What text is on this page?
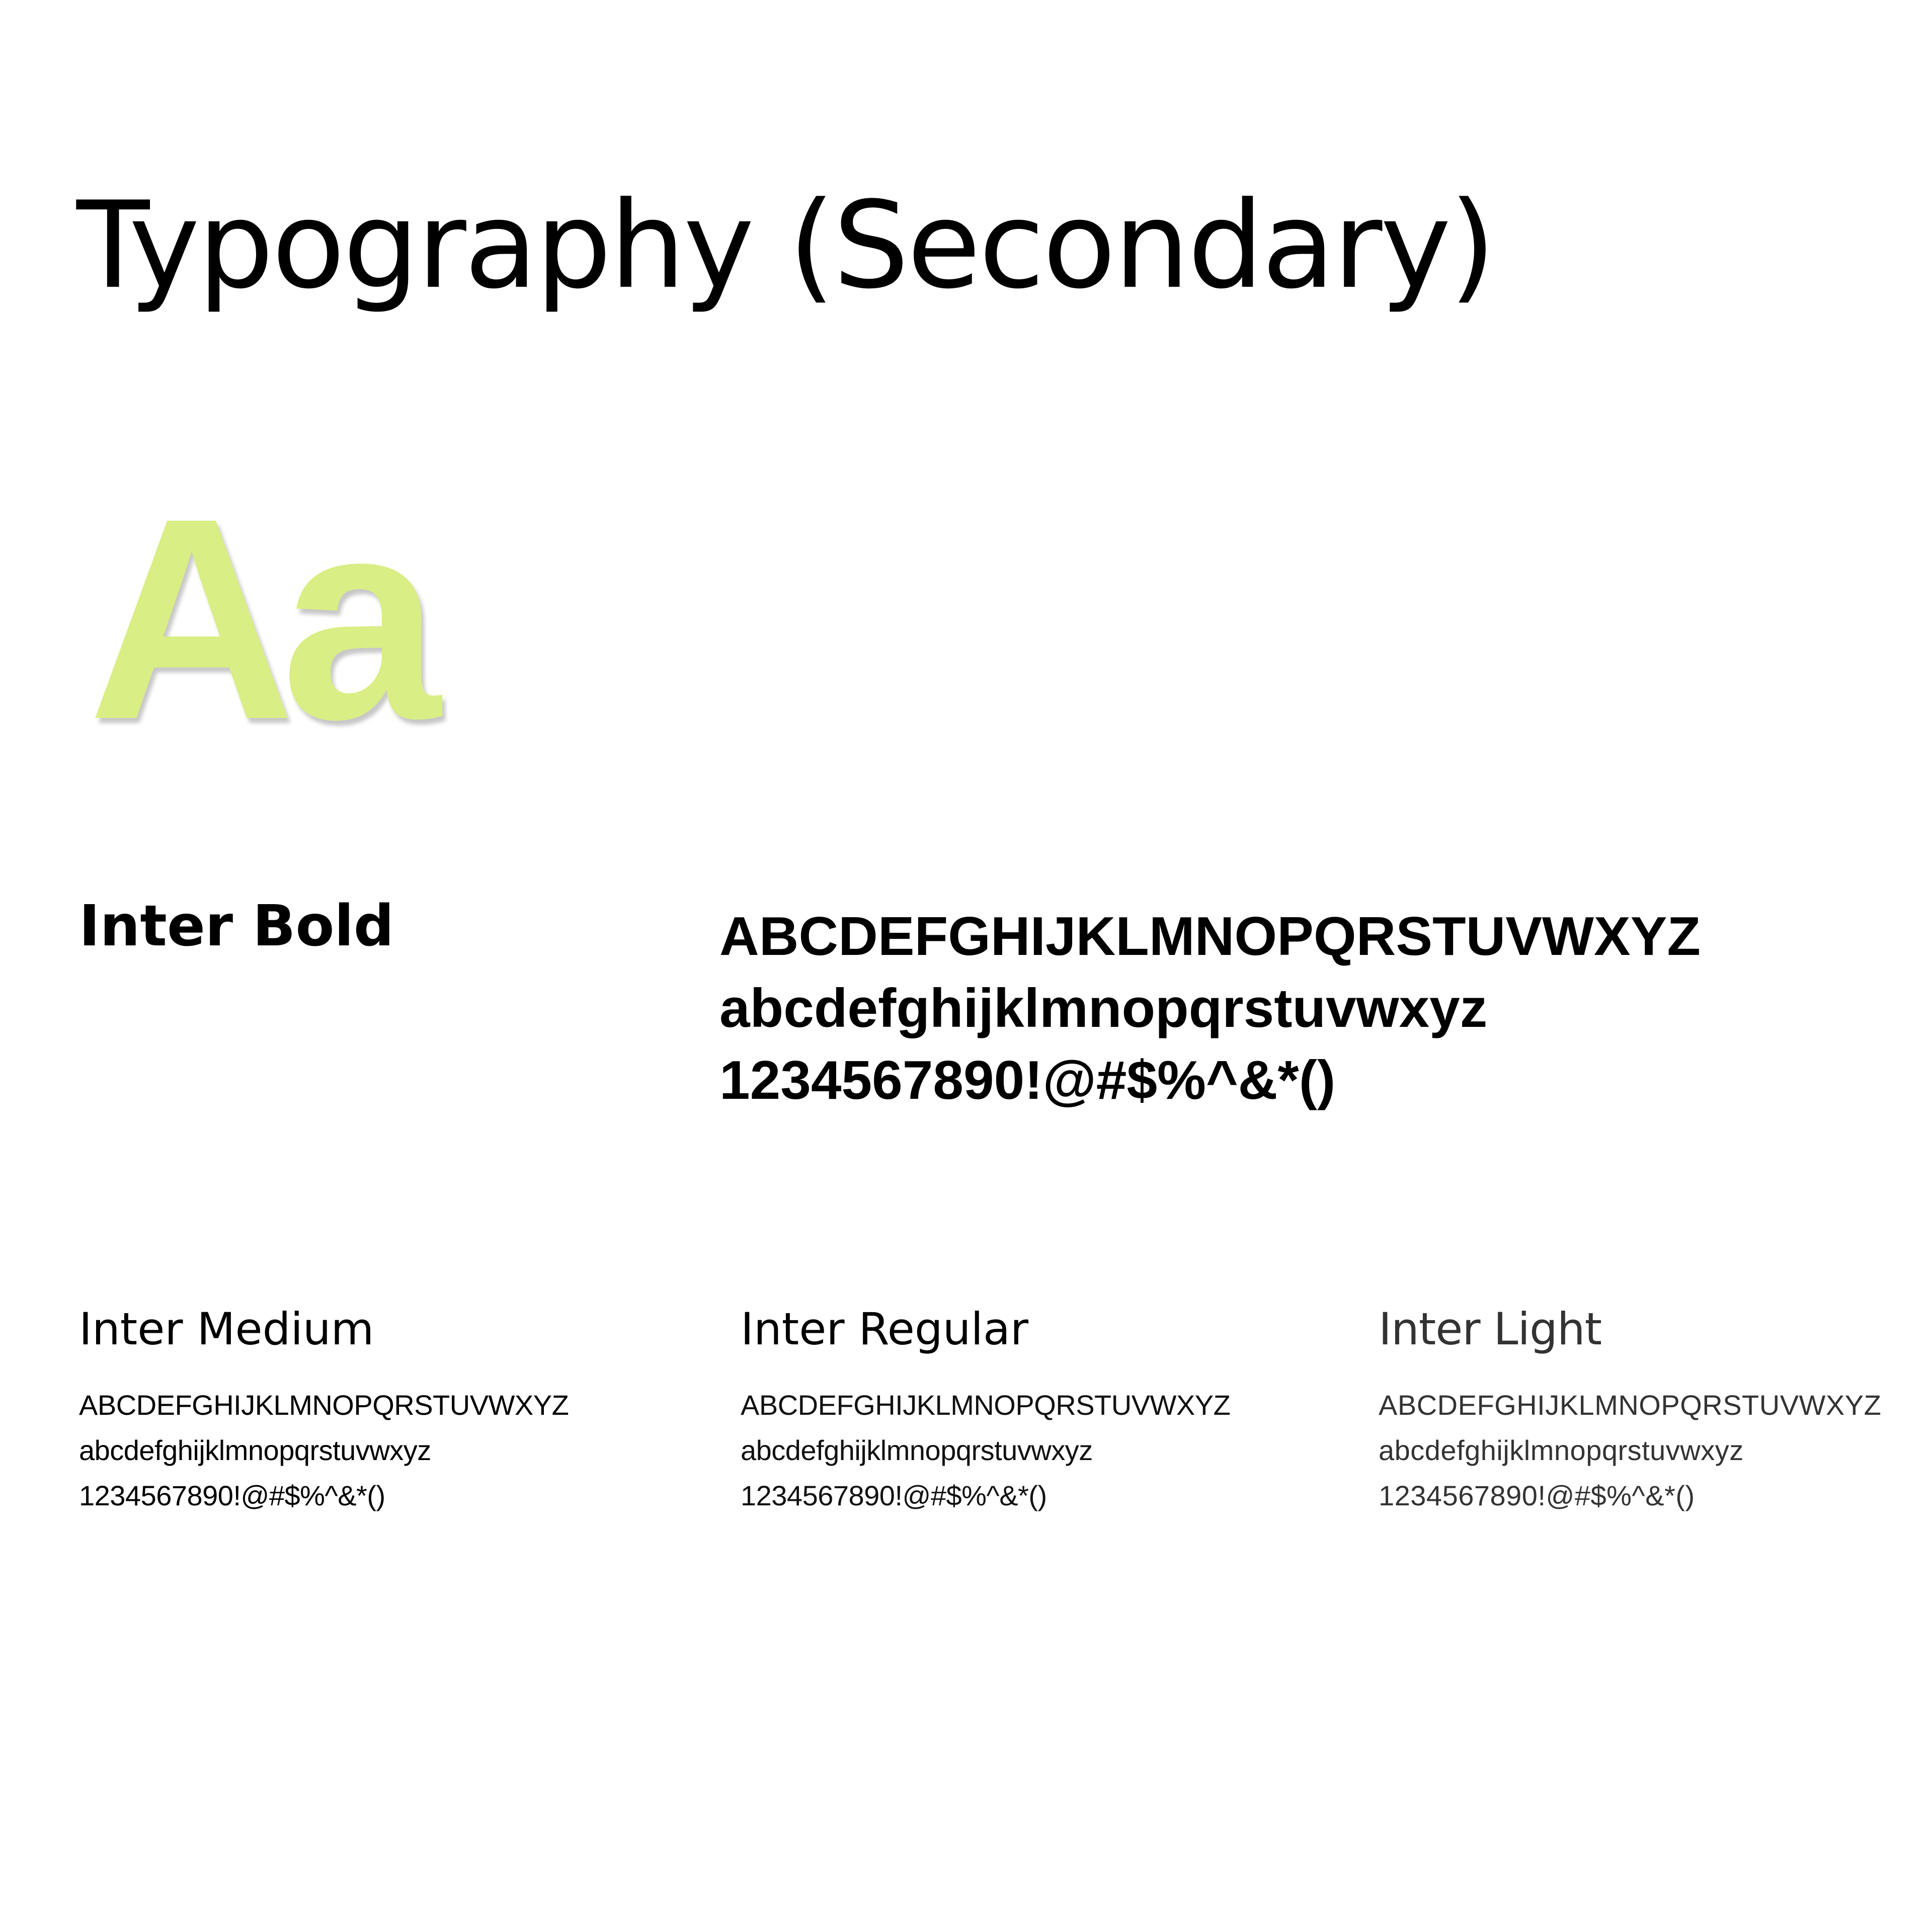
Typography (Secondary)
Aa
Inter Bold	ABCDEFGHIJKLMNOPQRSTUVWXYZ
abcdefghijklmnopqrstuvwxyz
1234567890!@#$%^&*()
Inter Medium
ABCDEFGHIJKLMNOPQRSTUVWXYZ
abcdefghijklmnopqrstuvwxyz
1234567890!@#$%^&*()
Inter Regular
ABCDEFGHIJKLMNOPQRSTUVWXYZ
abcdefghijklmnopqrstuvwxyz
1234567890!@#$%^&*()
Inter Light
ABCDEFGHIJKLMNOPQRSTUVWXYZ
abcdefghijklmnopqrstuvwxyz
1234567890!@#$%^&*()
